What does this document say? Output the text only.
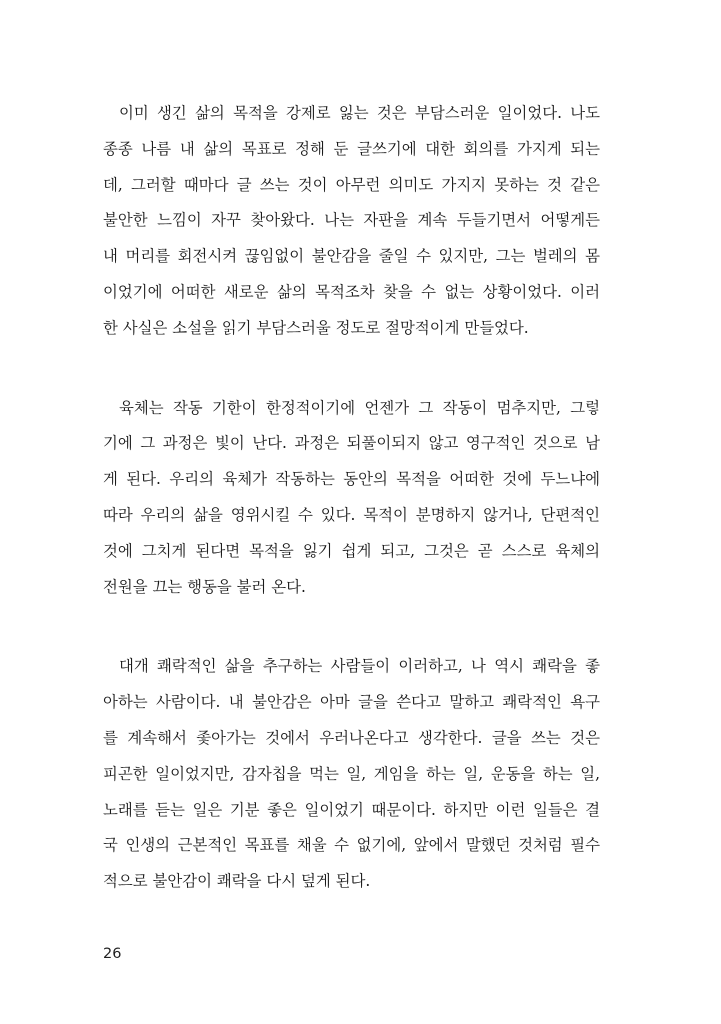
이미 생긴 삶의 목적을 강제로 잃는 것은 부담스러운 일이었다. 나도
종종 나름 내 삶의 목표로 정해 둔 글쓰기에 대한 회의를 가지게 되는
데, 그러할 때마다 글 쓰는 것이 아무런 의미도 가지지 못하는 것 같은
불안한 느낌이 자꾸 찾아왔다. 나는 자판을 계속 두들기면서 어떻게든
내 머리를 회전시켜 끊임없이 불안감을 줄일 수 있지만, 그는 벌레의 몸
이었기에 어떠한 새로운 삶의 목적조차 찾을 수 없는 상황이었다. 이러
한 사실은 소설을 읽기 부담스러울 정도로 절망적이게 만들었다.
육체는 작동 기한이 한정적이기에 언젠가 그 작동이 멈추지만, 그렇
기에 그 과정은 빛이 난다. 과정은 되풀이되지 않고 영구적인 것으로 남
게 된다. 우리의 육체가 작동하는 동안의 목적을 어떠한 것에 두느냐에
따라 우리의 삶을 영위시킬 수 있다. 목적이 분명하지 않거나, 단편적인
것에 그치게 된다면 목적을 잃기 쉽게 되고, 그것은 곧 스스로 육체의
전원을 끄는 행동을 불러 온다.
대개 쾌락적인 삶을 추구하는 사람들이 이러하고, 나 역시 쾌락을 좋
아하는 사람이다. 내 불안감은 아마 글을 쓴다고 말하고 쾌락적인 욕구
를 계속해서 좇아가는 것에서 우러나온다고 생각한다. 글을 쓰는 것은
피곤한 일이었지만, 감자칩을 먹는 일, 게임을 하는 일, 운동을 하는 일,
노래를 듣는 일은 기분 좋은 일이었기 때문이다. 하지만 이런 일들은 결
국 인생의 근본적인 목표를 채울 수 없기에, 앞에서 말했던 것처럼 필수
적으로 불안감이 쾌락을 다시 덮게 된다.
26
